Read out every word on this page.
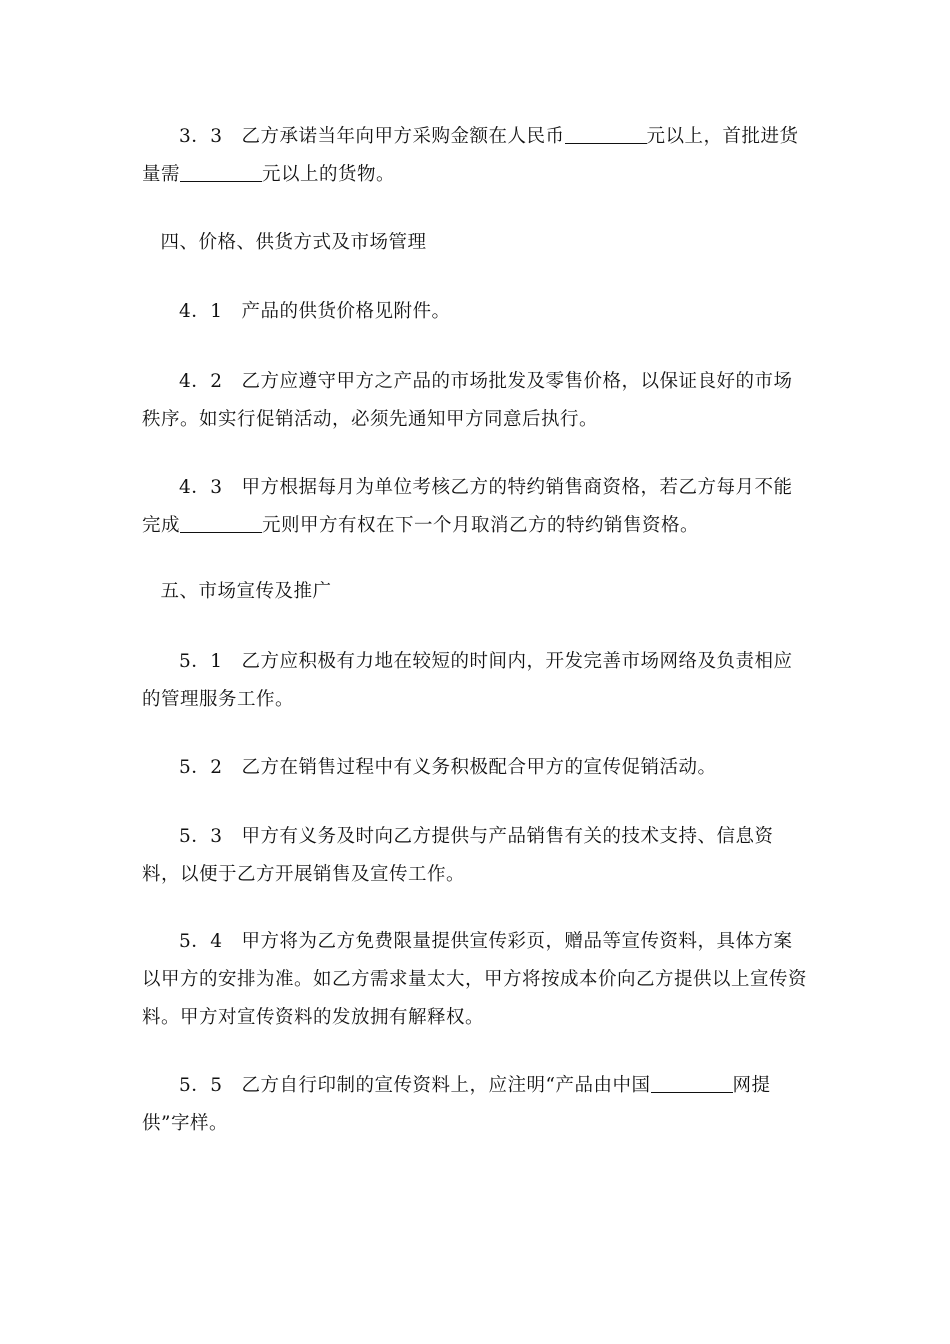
3．3　乙方承诺当年向甲方采购金额在人民币	元以上，首批进货量需	元以上的货物。

四、价格、供货方式及市场管理

4．1　产品的供货价格见附件。

4．2　乙方应遵守甲方之产品的市场批发及零售价格，以保证良好的市场秩序。如实行促销活动，必须先通知甲方同意后执行。

4．3　甲方根据每月为单位考核乙方的特约销售商资格，若乙方每月不能完成	元则甲方有权在下一个月取消乙方的特约销售资格。

五、市场宣传及推广

5．1　乙方应积极有力地在较短的时间内，开发完善市场网络及负责相应的管理服务工作。

5．2　乙方在销售过程中有义务积极配合甲方的宣传促销活动。

5．3　甲方有义务及时向乙方提供与产品销售有关的技术支持、信息资料，以便于乙方开展销售及宣传工作。

5．4　甲方将为乙方免费限量提供宣传彩页，赠品等宣传资料，具体方案以甲方的安排为准。如乙方需求量太大，甲方将按成本价向乙方提供以上宣传资料。甲方对宣传资料的发放拥有解释权。

5．5　乙方自行印制的宣传资料上，应注明“产品由中国	网提供”字样。
